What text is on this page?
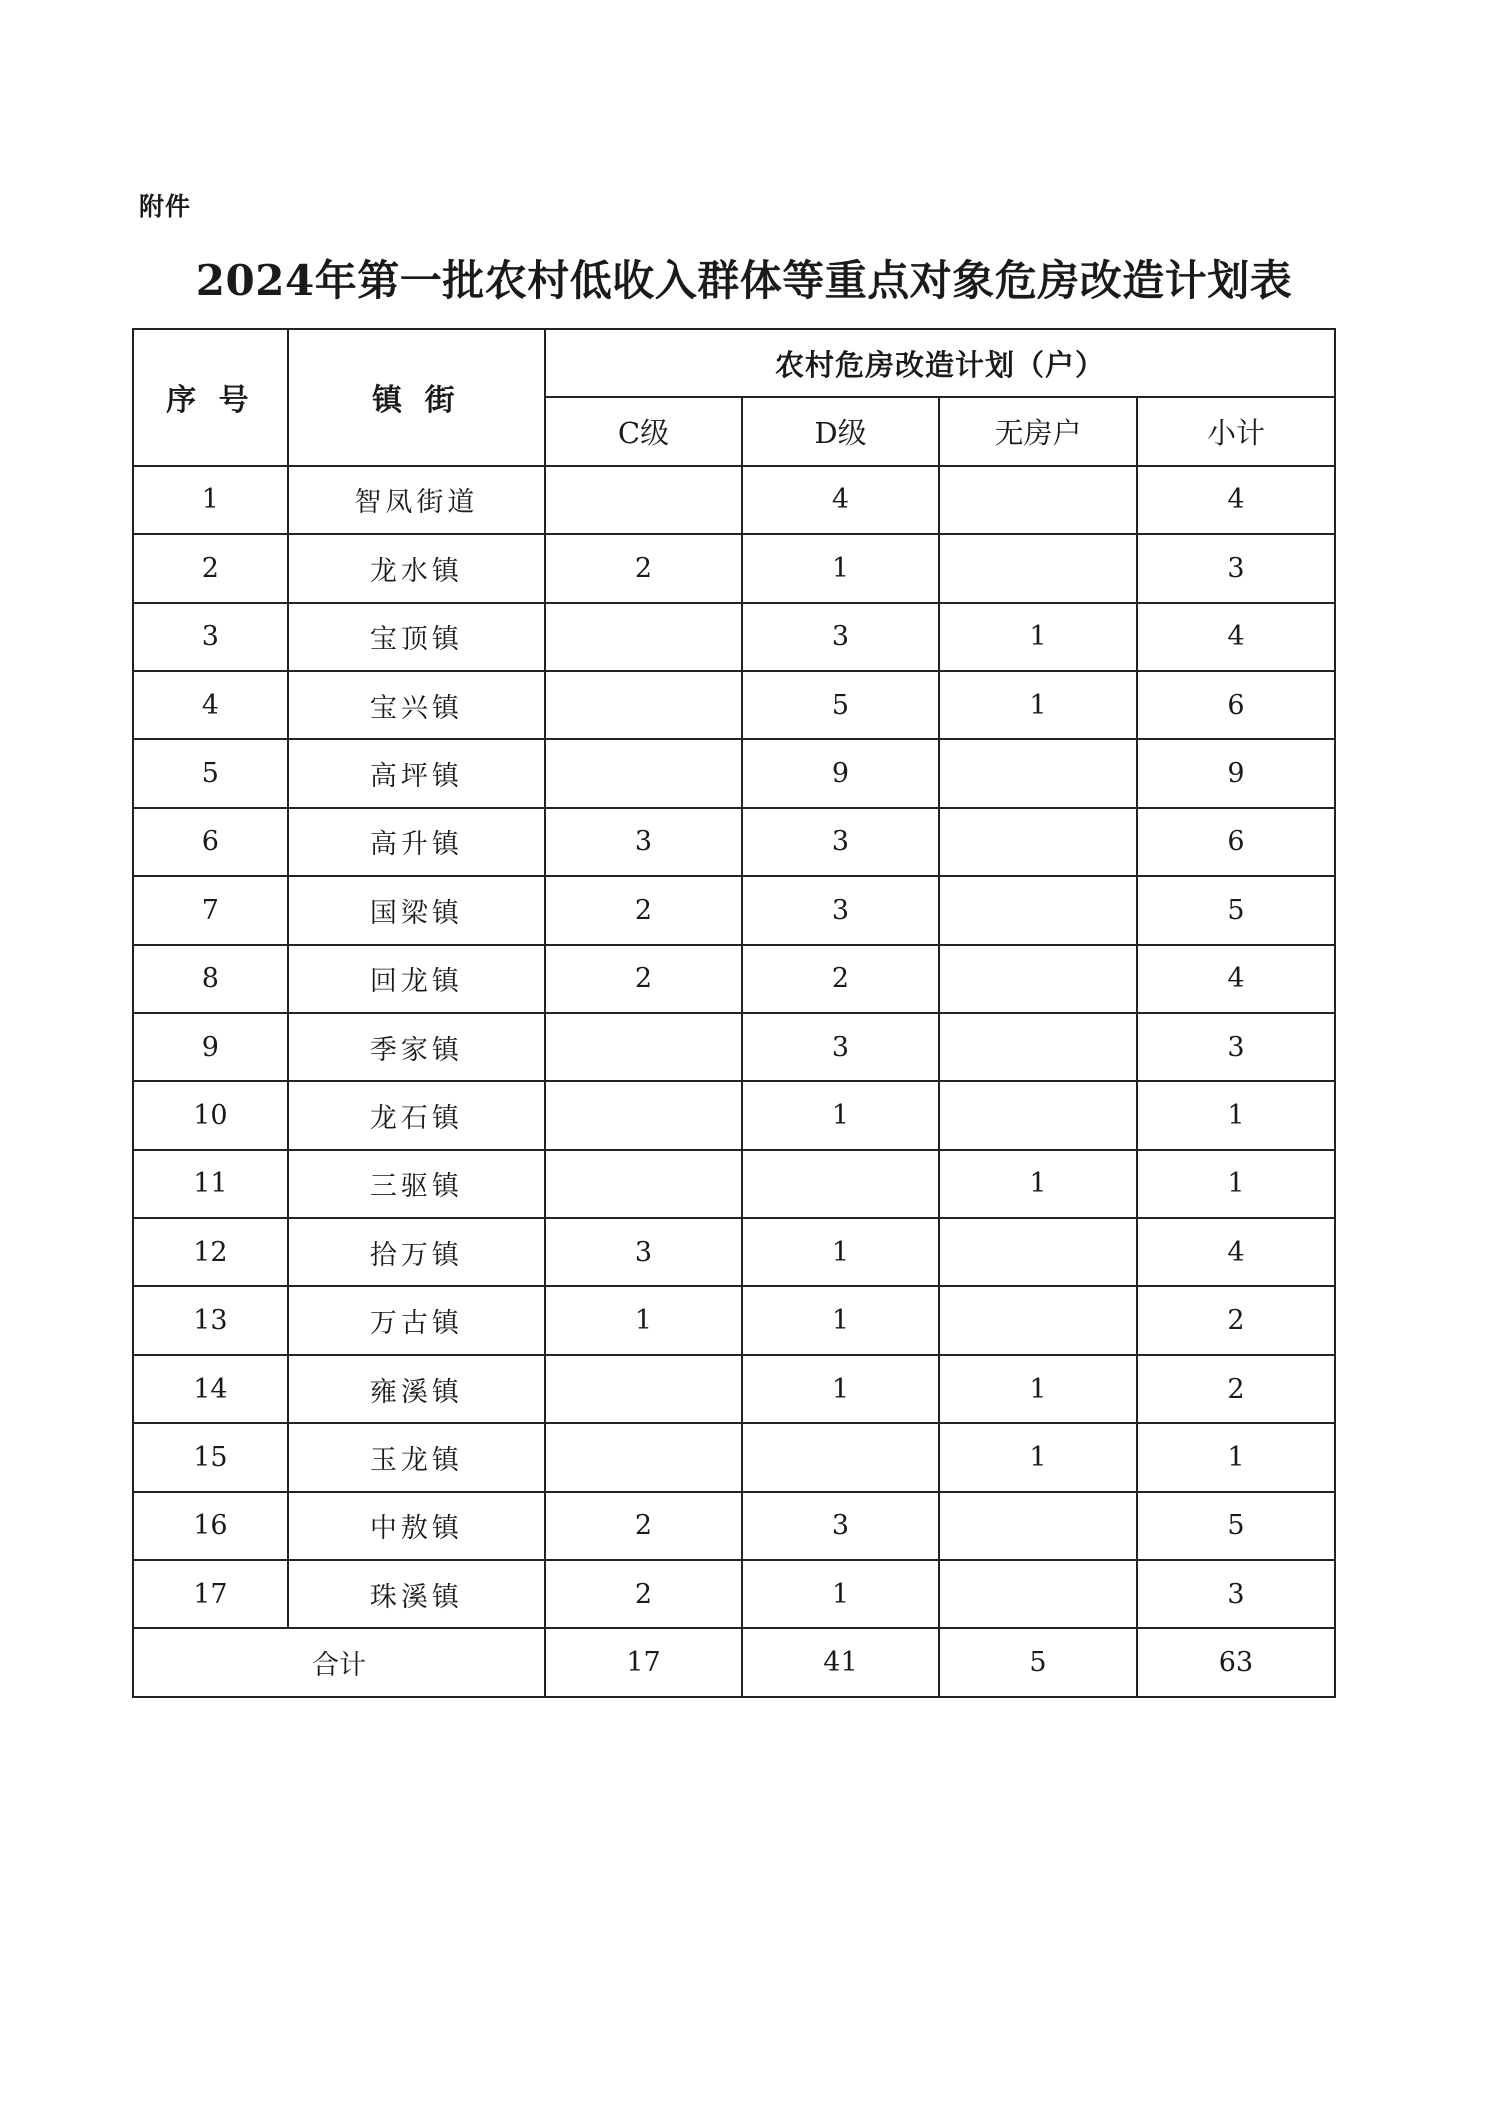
附件
2024年第一批农村低收入群体等重点对象危房改造计划表
序 号	镇 街	农村危房改造计划（户）			
		C级	D级	无房户	小计
1	智凤街道		4		4
2	龙水镇	2	1		3
3	宝顶镇		3	1	4
4	宝兴镇		5	1	6
5	高坪镇		9		9
6	高升镇	3	3		6
7	国梁镇	2	3		5
8	回龙镇	2	2		4
9	季家镇		3		3
10	龙石镇		1		1
11	三驱镇			1	1
12	拾万镇	3	1		4
13	万古镇	1	1		2
14	雍溪镇		1	1	2
15	玉龙镇			1	1
16	中敖镇	2	3		5
17	珠溪镇	2	1		3
合计		17	41	5	63
